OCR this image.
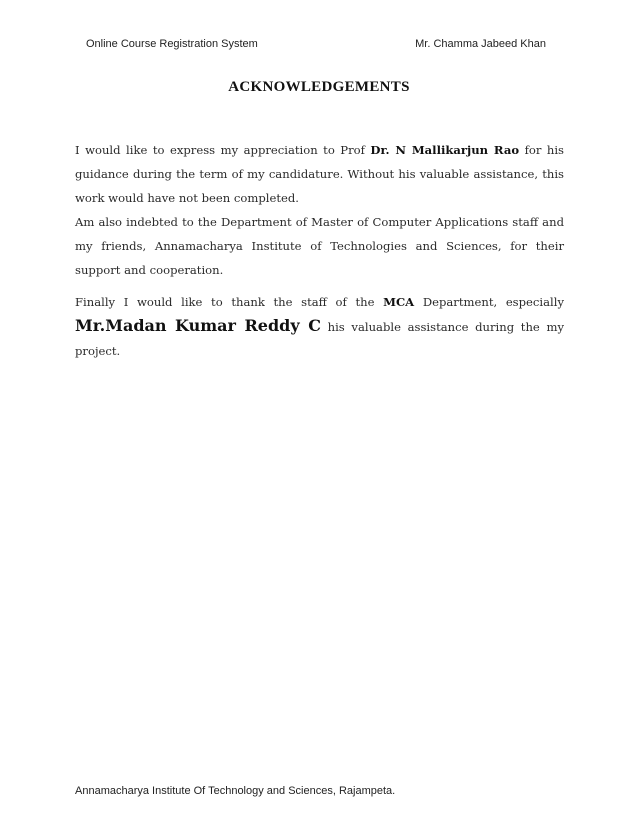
Online Course Registration System	Mr. Chamma Jabeed Khan
ACKNOWLEDGEMENTS
I would like to express my appreciation to Prof Dr. N Mallikarjun Rao for his guidance during the term of my candidature. Without his valuable assistance, this work would have not been completed.
Am also indebted to the Department of Master of Computer Applications staff and my friends, Annamacharya Institute of Technologies and Sciences, for their support and cooperation.
Finally I would like to thank the staff of the MCA Department, especially
Mr.Madan Kumar Reddy C his valuable assistance during the my project.
Annamacharya Institute Of Technology and Sciences, Rajampeta.
